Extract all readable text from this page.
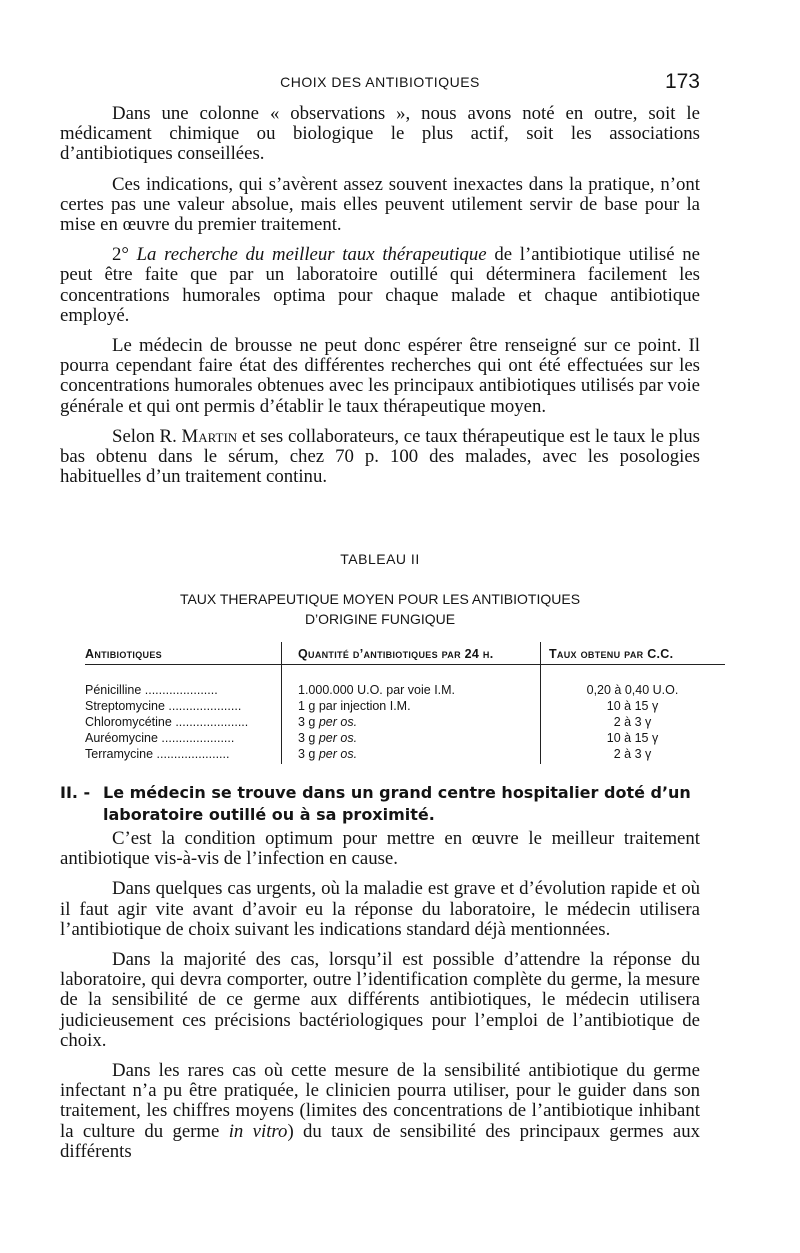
CHOIX DES ANTIBIOTIQUES	173

Dans une colonne « observations », nous avons noté en outre, soit le médicament chimique ou biologique le plus actif, soit les associations d’antibiotiques conseillées.

Ces indications, qui s’avèrent assez souvent inexactes dans la pratique, n’ont certes pas une valeur absolue, mais elles peuvent utilement servir de base pour la mise en œuvre du premier traitement.

2° La recherche du meilleur taux thérapeutique de l’antibiotique utilisé ne peut être faite que par un laboratoire outillé qui déterminera facilement les concentrations humorales optima pour chaque malade et chaque antibiotique employé.

Le médecin de brousse ne peut donc espérer être renseigné sur ce point. Il pourra cependant faire état des différentes recherches qui ont été effectuées sur les concentrations humorales obtenues avec les principaux antibiotiques utilisés par voie générale et qui ont permis d’établir le taux thérapeutique moyen.

Selon R. Martin et ses collaborateurs, ce taux thérapeutique est le taux le plus bas obtenu dans le sérum, chez 70 p. 100 des malades, avec les posologies habituelles d’un traitement continu.

TABLEAU II
TAUX THERAPEUTIQUE MOYEN POUR LES ANTIBIOTIQUES
D’ORIGINE FUNGIQUE
Antibiotiques	Quantité d’antibiotiques par 24 h.	Taux obtenu par C.C.
Pénicilline .....................	1.000.000 U.O. par voie I.M.	0,20 à 0,40 U.O.
Streptomycine .....................	1 g par injection I.M.	10 à 15 γ
Chloromycétine .....................	3 g per os.	2 à 3 γ
Auréomycine .....................	3 g per os.	10 à 15 γ
Terramycine .....................	3 g per os.	2 à 3 γ
II. - Le médecin se trouve dans un grand centre hospitalier doté d’un laboratoire outillé ou à sa proximité.

C’est la condition optimum pour mettre en œuvre le meilleur traitement antibiotique vis-à-vis de l’infection en cause.

Dans quelques cas urgents, où la maladie est grave et d’évolution rapide et où il faut agir vite avant d’avoir eu la réponse du laboratoire, le médecin utilisera l’antibiotique de choix suivant les indications standard déjà mentionnées.

Dans la majorité des cas, lorsqu’il est possible d’attendre la réponse du laboratoire, qui devra comporter, outre l’identification complète du germe, la mesure de la sensibilité de ce germe aux différents antibiotiques, le médecin utilisera judicieusement ces précisions bactériologiques pour l’emploi de l’antibiotique de choix.

Dans les rares cas où cette mesure de la sensibilité antibiotique du germe infectant n’a pu être pratiquée, le clinicien pourra utiliser, pour le guider dans son traitement, les chiffres moyens (limites des concentrations de l’antibiotique inhibant la culture du germe in vitro) du taux de sensibilité des principaux germes aux différents
